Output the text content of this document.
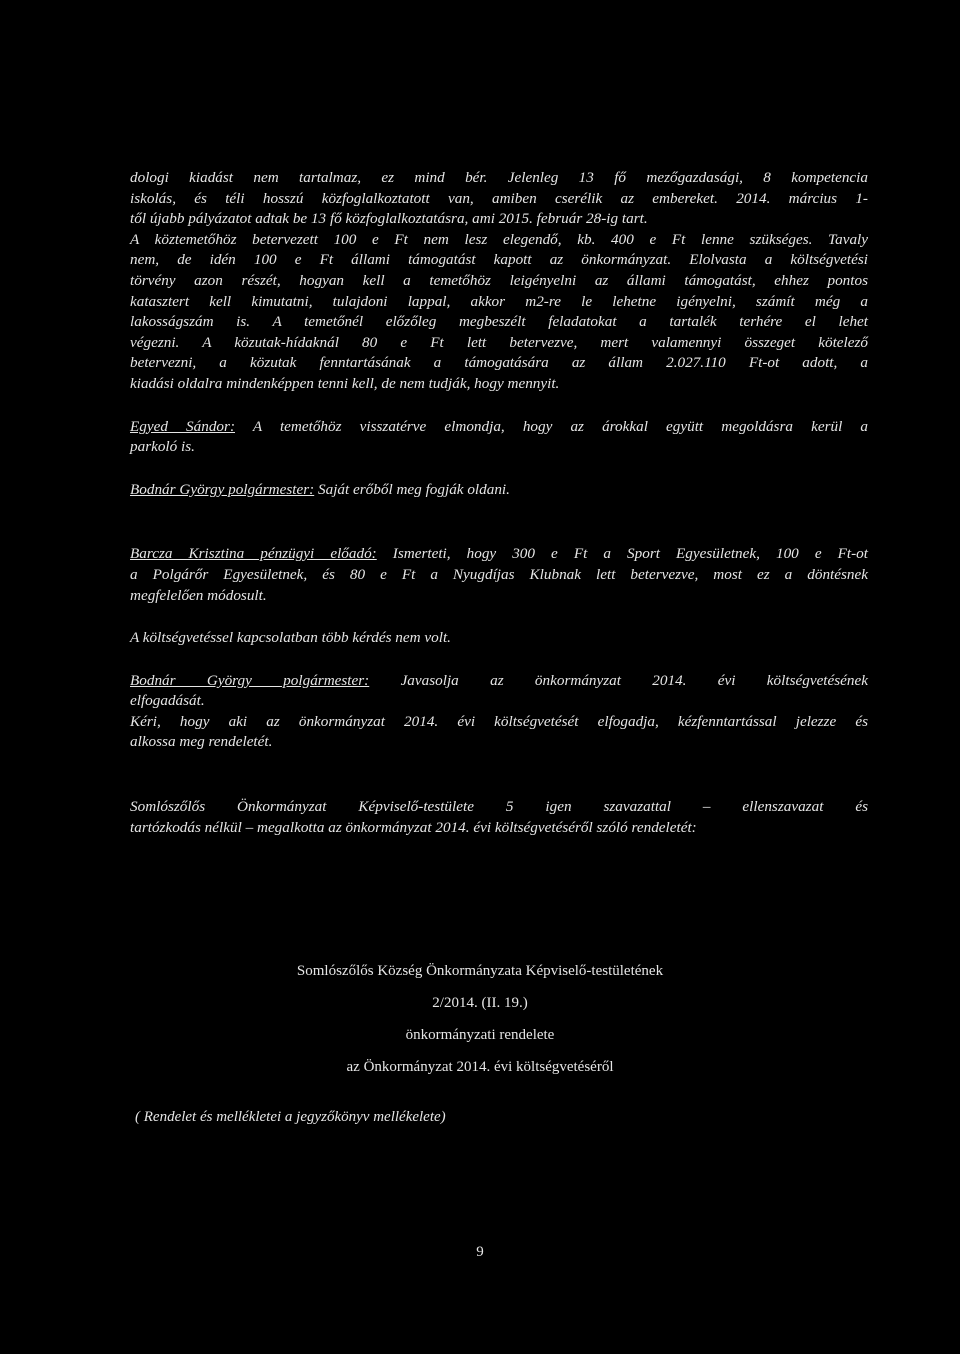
dologi kiadást nem tartalmaz, ez mind bér. Jelenleg 13 fő mezőgazdasági, 8 kompetencia
iskolás, és téli hosszú közfoglalkoztatott van, amiben cserélik az embereket. 2014. március 1-
től újabb pályázatot adtak be 13 fő közfoglalkoztatásra, ami 2015. február 28-ig tart.
A köztemetőhöz betervezett 100 e Ft nem lesz elegendő, kb. 400 e Ft lenne szükséges. Tavaly
nem, de idén 100 e Ft állami támogatást kapott az önkormányzat. Elolvasta a költségvetési
törvény azon részét, hogyan kell a temetőhöz leigényelni az állami támogatást, ehhez pontos
katasztert kell kimutatni, tulajdoni lappal, akkor m2-re le lehetne igényelni, számít még a
lakosságszám is. A temetőnél előzőleg megbeszélt feladatokat a tartalék terhére el lehet
végezni. A közutak-hídaknál 80 e Ft lett betervezve, mert valamennyi összeget kötelező
betervezni, a közutak fenntartásának a támogatására az állam 2.027.110 Ft-ot adott, a
kiadási oldalra mindenképpen tenni kell, de nem tudják, hogy mennyit.

Egyed Sándor: A temetőhöz visszatérve elmondja, hogy az árokkal együtt megoldásra kerül a
parkoló is.

Bodnár György polgármester: Saját erőből meg fogják oldani.

Barcza Krisztina pénzügyi előadó: Ismerteti, hogy 300 e Ft a Sport Egyesületnek, 100 e Ft-ot
a Polgárőr Egyesületnek, és 80 e Ft a Nyugdíjas Klubnak lett betervezve, most ez a döntésnek
megfelelően módosult.

A költségvetéssel kapcsolatban több kérdés nem volt.

Bodnár György polgármester: Javasolja az önkormányzat 2014. évi költségvetésének
elfogadását.
Kéri, hogy aki az önkormányzat 2014. évi költségvetését elfogadja, kézfenntartással jelezze és
alkossa meg rendeletét.

Somlószőlős Önkormányzat Képviselő-testülete 5 igen szavazattal – ellenszavazat és
tartózkodás nélkül – megalkotta az önkormányzat 2014. évi költségvetéséről szóló rendeletét:

Somlószőlős Község Önkormányzata Képviselő-testületének
2/2014. (II. 19.)
önkormányzati rendelete
az Önkormányzat 2014. évi költségvetéséről
( Rendelet és mellékletei a jegyzőkönyv mellékelete)
9
